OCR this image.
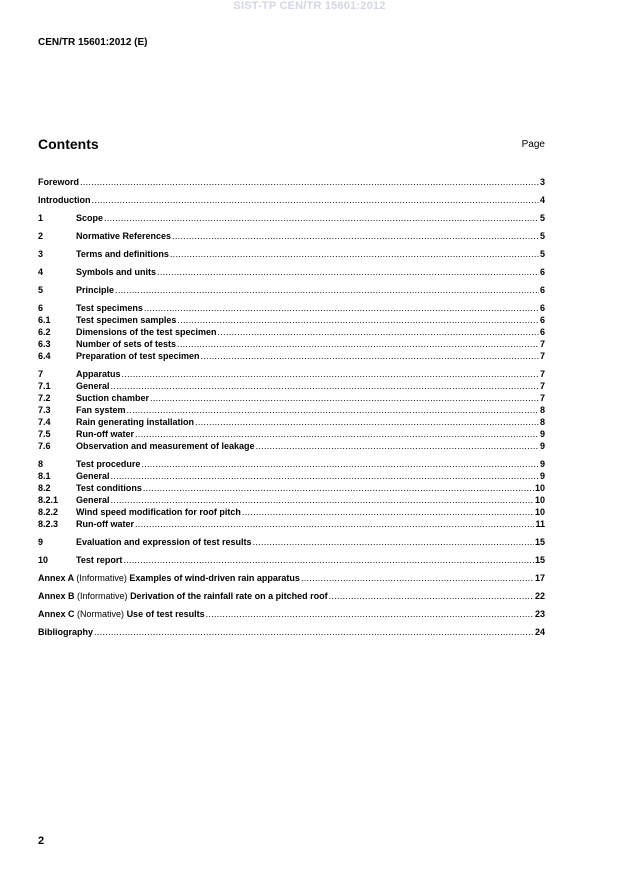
SIST-TP CEN/TR 15601:2012
CEN/TR 15601:2012 (E)
Contents	Page
Foreword .....	3
Introduction .....	4
1	Scope .....	5
2	Normative References .....	5
3	Terms and definitions .....	5
4	Symbols and units .....	6
5	Principle .....	6
6	Test specimens .....	6
6.1	Test specimen samples .....	6
6.2	Dimensions of the test specimen .....	6
6.3	Number of sets of tests .....	7
6.4	Preparation of test specimen .....	7
7	Apparatus .....	7
7.1	General .....	7
7.2	Suction chamber .....	7
7.3	Fan system .....	8
7.4	Rain generating installation .....	8
7.5	Run-off water .....	9
7.6	Observation and measurement of leakage .....	9
8	Test procedure .....	9
8.1	General .....	9
8.2	Test conditions .....	10
8.2.1	General .....	10
8.2.2	Wind speed modification for roof pitch .....	10
8.2.3	Run-off water .....	11
9	Evaluation and expression of test results .....	15
10	Test report .....	15
Annex A (Informative) Examples of wind-driven rain apparatus .....	17
Annex B (Informative) Derivation of the rainfall rate on a pitched roof .....	22
Annex C (Normative) Use of test results .....	23
Bibliography .....	24
2
